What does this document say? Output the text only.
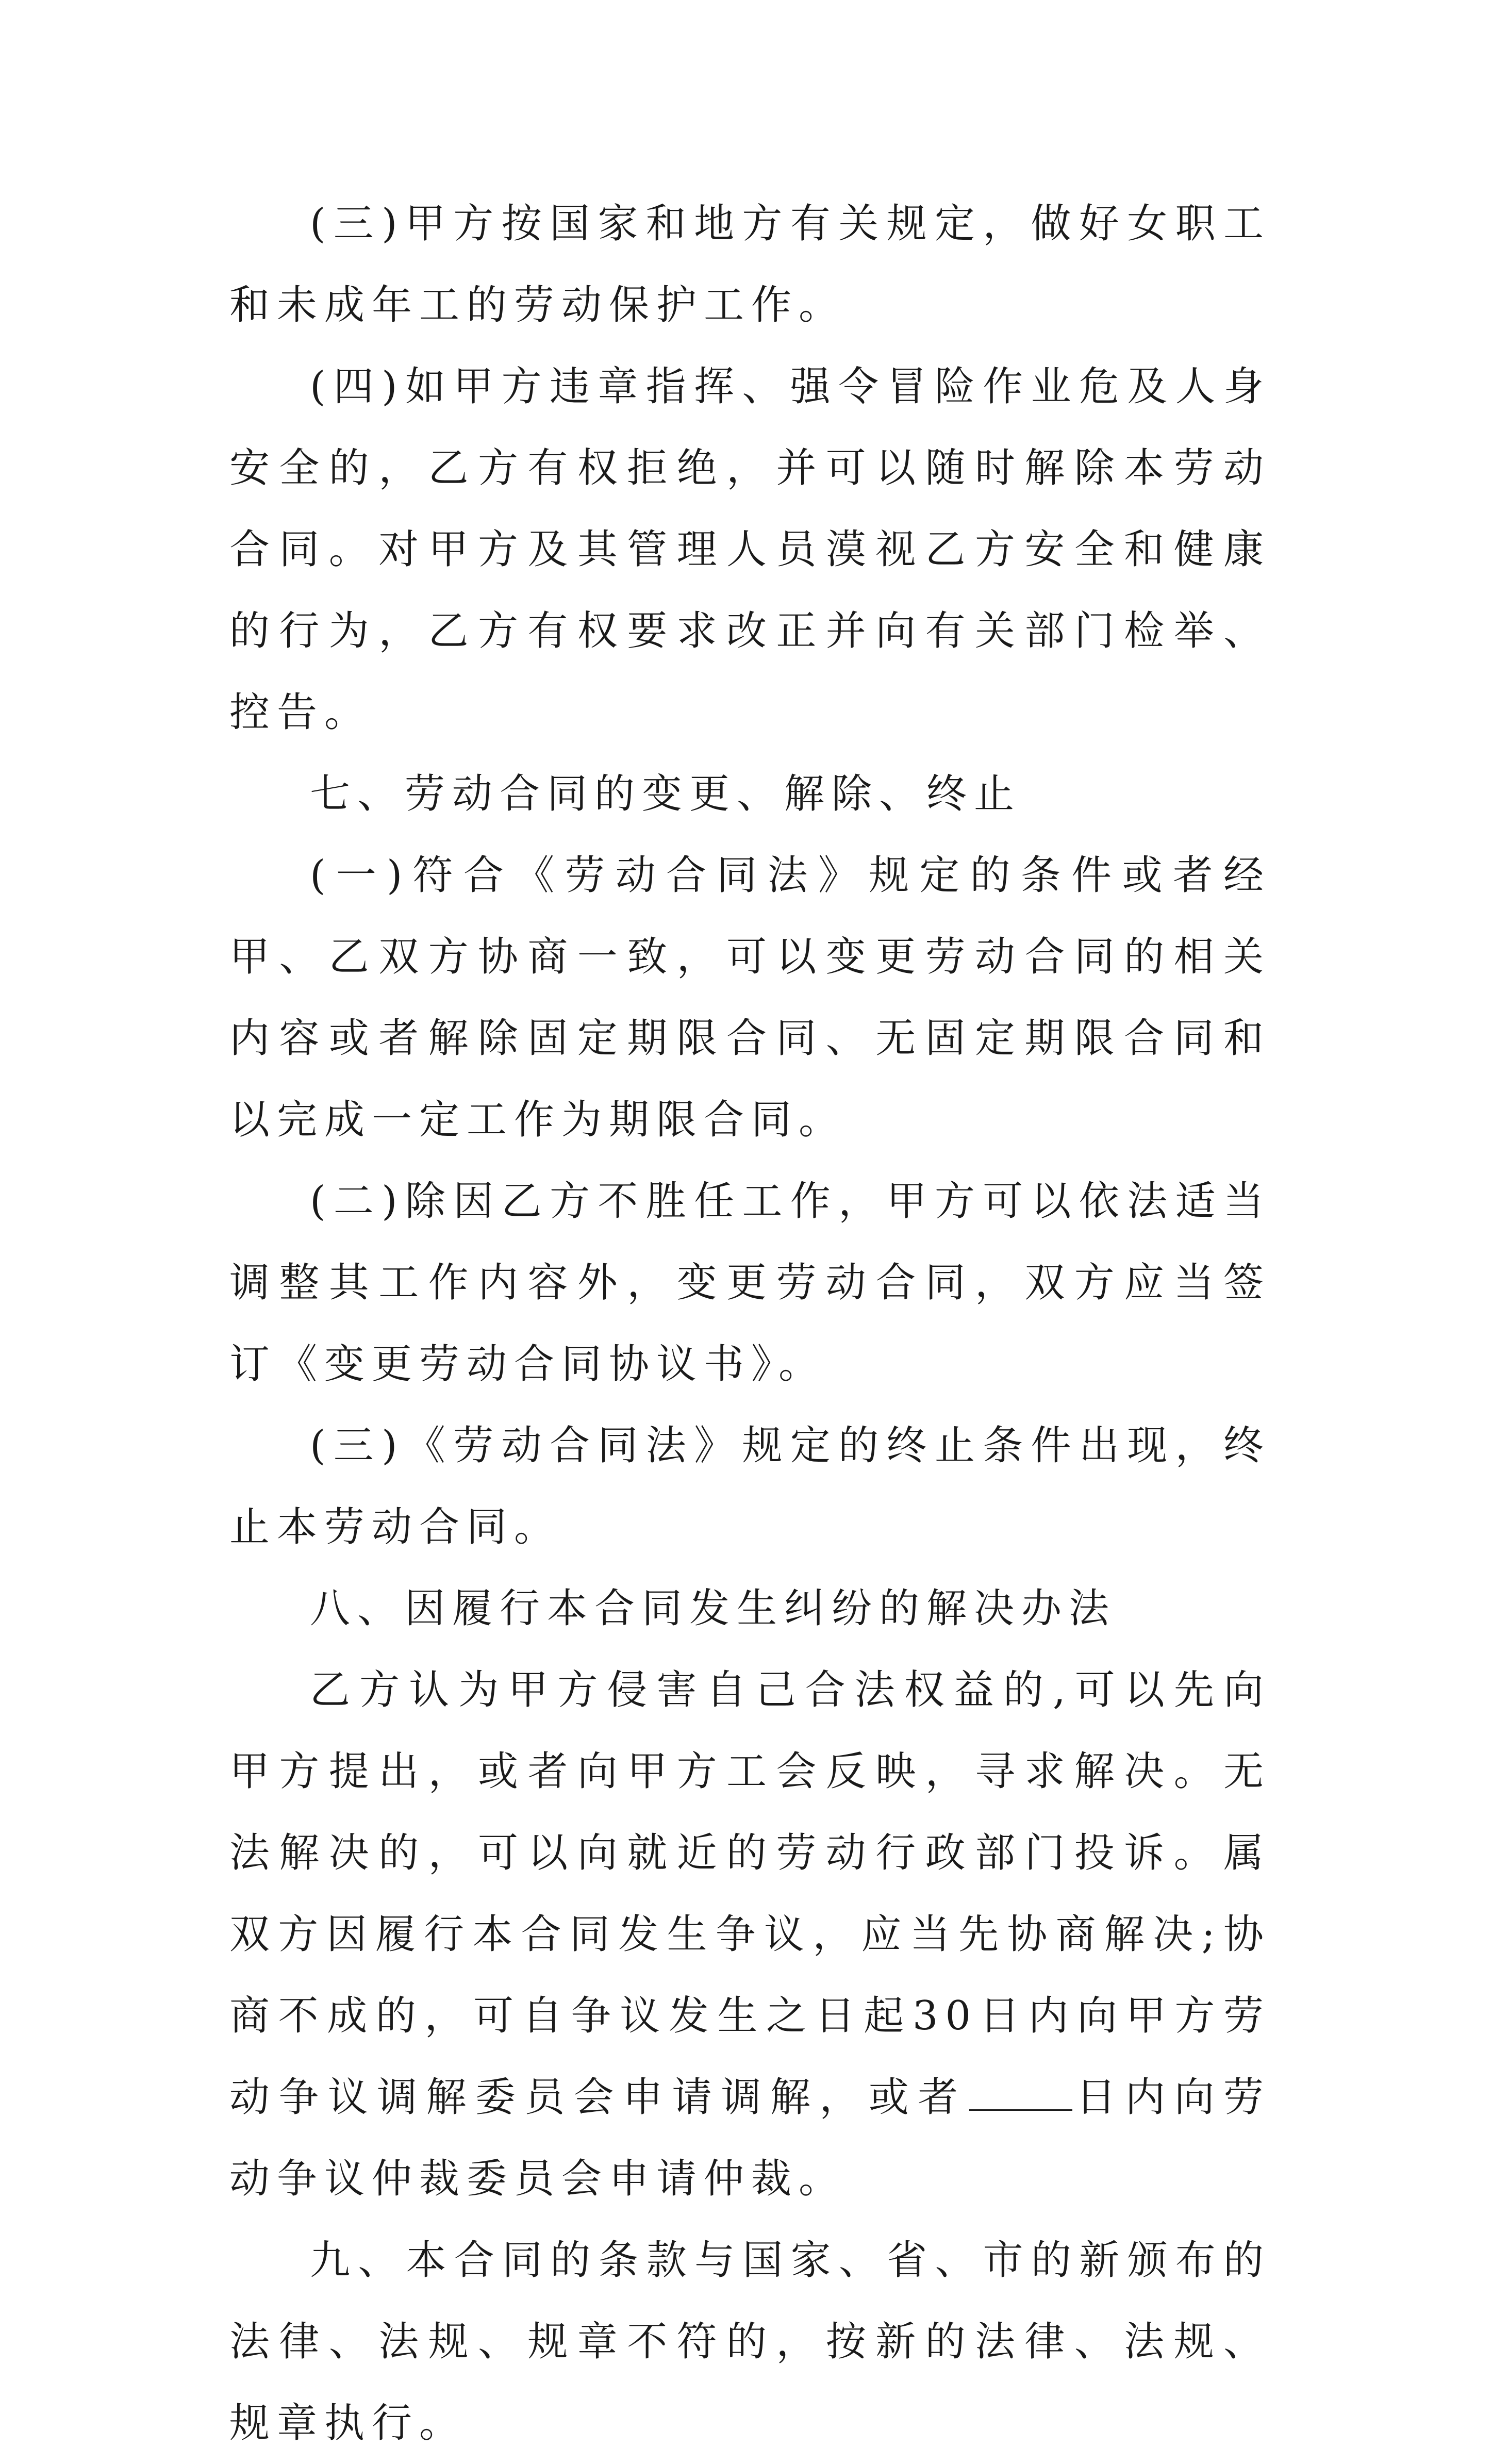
(三)甲方按国家和地方有关规定，做好女职工和未成年工的劳动保护工作。

(四)如甲方违章指挥、强令冒险作业危及人身安全的，乙方有权拒绝，并可以随时解除本劳动合同。对甲方及其管理人员漠视乙方安全和健康的行为，乙方有权要求改正并向有关部门检举、控告。

七、劳动合同的变更、解除、终止

(一)符合《劳动合同法》规定的条件或者经甲、乙双方协商一致，可以变更劳动合同的相关内容或者解除固定期限合同、无固定期限合同和以完成一定工作为期限合同。

(二)除因乙方不胜任工作，甲方可以依法适当调整其工作内容外，变更劳动合同，双方应当签订《变更劳动合同协议书》。

(三)《劳动合同法》规定的终止条件出现，终止本劳动合同。

八、因履行本合同发生纠纷的解决办法

乙方认为甲方侵害自己合法权益的,可以先向甲方提出，或者向甲方工会反映，寻求解决。无法解决的，可以向就近的劳动行政部门投诉。属双方因履行本合同发生争议，应当先协商解决;协商不成的，可自争议发生之日起30日内向甲方劳动争议调解委员会申请调解，或者	日内向劳动争议仲裁委员会申请仲裁。

九、本合同的条款与国家、省、市的新颁布的法律、法规、规章不符的，按新的法律、法规、规章执行。
